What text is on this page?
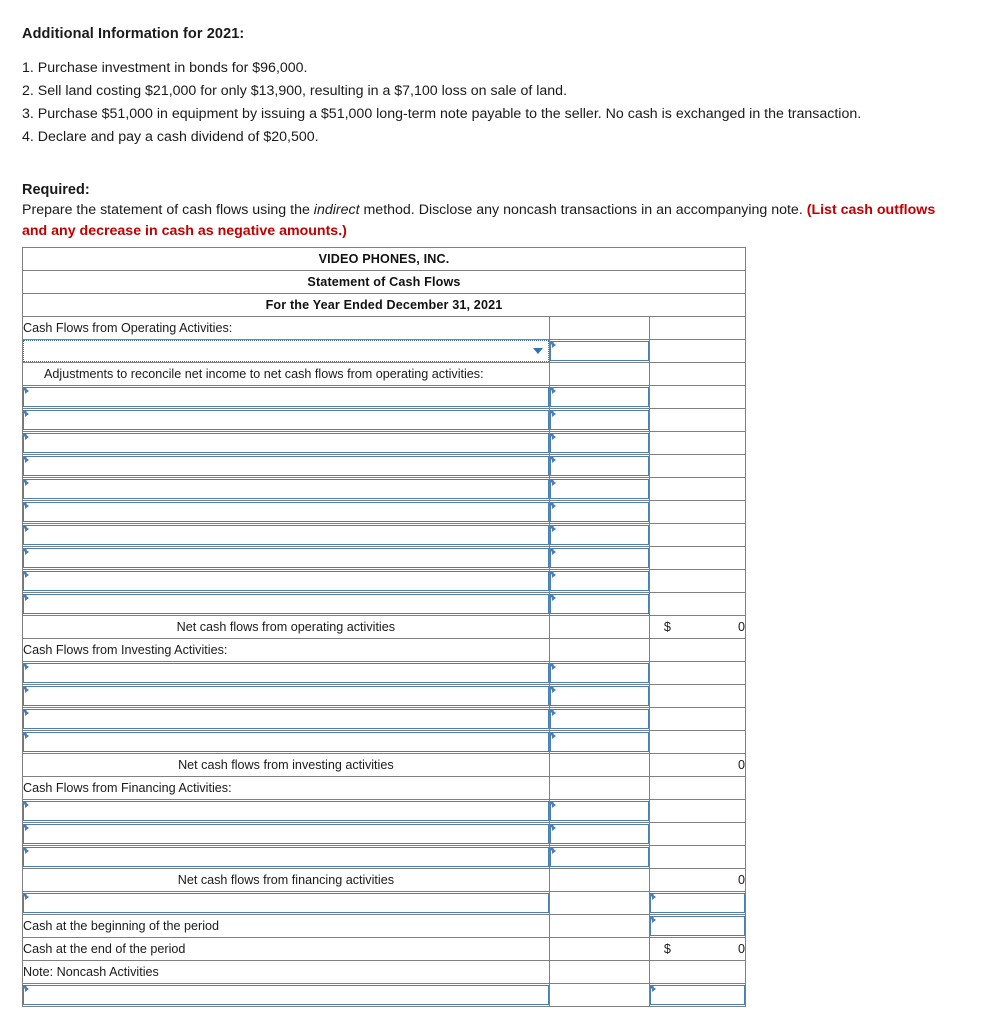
Additional Information for 2021:
1. Purchase investment in bonds for $96,000.
2. Sell land costing $21,000 for only $13,900, resulting in a $7,100 loss on sale of land.
3. Purchase $51,000 in equipment by issuing a $51,000 long-term note payable to the seller. No cash is exchanged in the transaction.
4. Declare and pay a cash dividend of $20,500.
Required:
Prepare the statement of cash flows using the indirect method. Disclose any noncash transactions in an accompanying note. (List cash outflows and any decrease in cash as negative amounts.)
VIDEO PHONES, INC.		
Statement of Cash Flows		
For the Year Ended December 31, 2021		
Cash Flows from Operating Activities:		

Adjustments to reconcile net income to net cash flows from operating activities:		

Net cash flows from operating activities		$ 0
Cash Flows from Investing Activities:		

Net cash flows from investing activities		0
Cash Flows from Financing Activities:		

Net cash flows from financing activities		0

Cash at the beginning of the period		

Cash at the end of the period		$ 0
Note: Noncash Activities		
